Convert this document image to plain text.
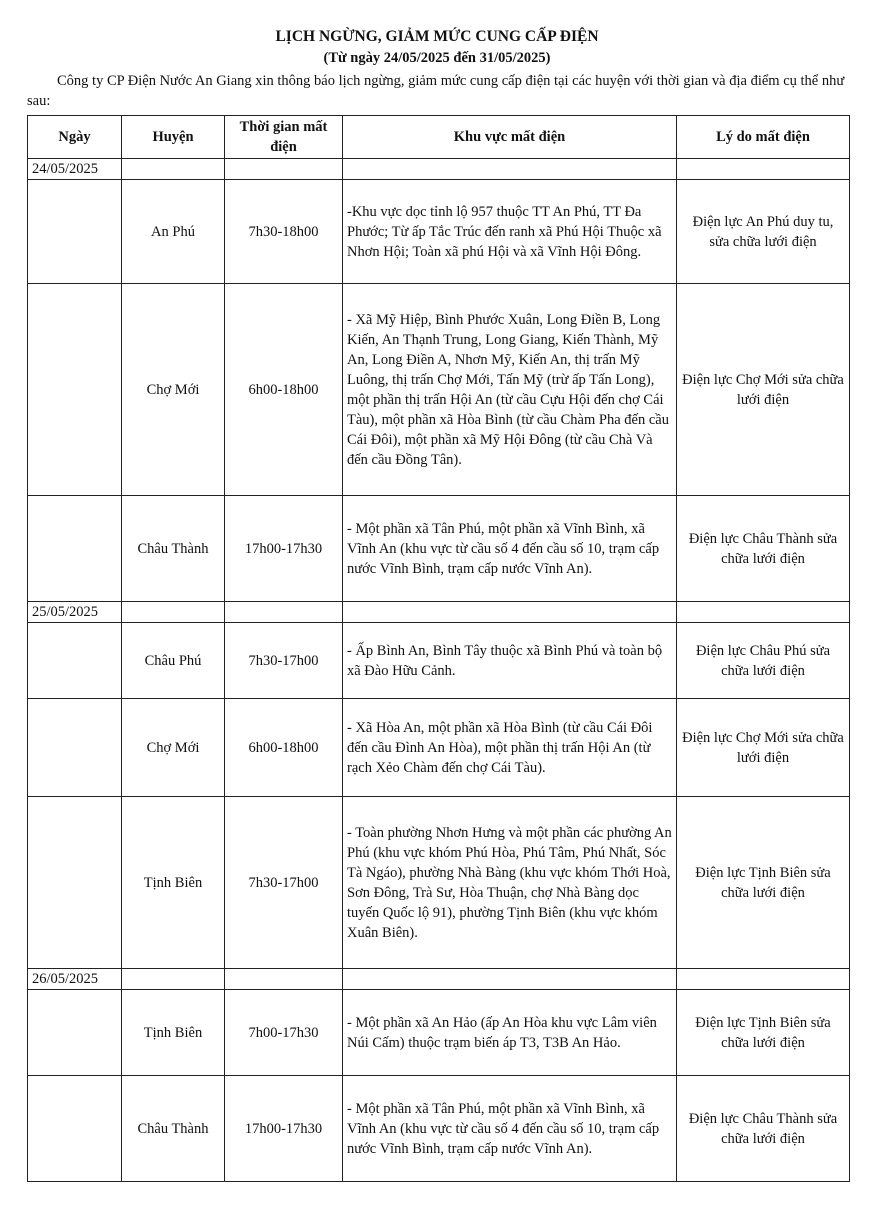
LỊCH NGỪNG, GIẢM MỨC CUNG CẤP ĐIỆN
(Từ ngày 24/05/2025 đến 31/05/2025)

Công ty CP Điện Nước An Giang xin thông báo lịch ngừng, giảm mức cung cấp điện tại các huyện với thời gian và địa điểm cụ thể như sau:

Ngày	Huyện	Thời gian mất điện	Khu vực mất điện	Lý do mất điện
24/05/2025				
	An Phú	7h30-18h00	-Khu vực dọc tỉnh lộ 957 thuộc TT An Phú, TT Đa Phước; Từ ấp Tắc Trúc đến ranh xã Phú Hội Thuộc xã Nhơn Hội; Toàn xã phú Hội và xã Vĩnh Hội Đông.	Điện lực An Phú duy tu, sửa chữa lưới điện
	Chợ Mới	6h00-18h00	- Xã Mỹ Hiệp, Bình Phước Xuân, Long Điền B, Long Kiến, An Thạnh Trung, Long Giang, Kiến Thành, Mỹ An, Long Điền A, Nhơn Mỹ, Kiến An, thị trấn Mỹ Luông, thị trấn Chợ Mới, Tấn Mỹ (trừ ấp Tấn Long), một phần thị trấn Hội An (từ cầu Cựu Hội đến chợ Cái Tàu), một phần xã Hòa Bình (từ cầu Chàm Pha đến cầu Cái Đôi), một phần xã Mỹ Hội Đông (từ cầu Chà Và đến cầu Đồng Tân).	Điện lực Chợ Mới sửa chữa lưới điện
	Châu Thành	17h00-17h30	- Một phần xã Tân Phú, một phần xã Vĩnh Bình, xã Vĩnh An (khu vực từ cầu số 4 đến cầu số 10, trạm cấp nước Vĩnh Bình, trạm cấp nước Vĩnh An).	Điện lực Châu Thành sửa chữa lưới điện
25/05/2025				
	Châu Phú	7h30-17h00	- Ấp Bình An, Bình Tây thuộc xã Bình Phú và toàn bộ xã Đào Hữu Cảnh.	Điện lực Châu Phú sửa chữa lưới điện
	Chợ Mới	6h00-18h00	- Xã Hòa An, một phần xã Hòa Bình (từ cầu Cái Đôi đến cầu Đình An Hòa), một phần thị trấn Hội An (từ rạch Xẻo Chàm đến chợ Cái Tàu).	Điện lực Chợ Mới sửa chữa lưới điện
	Tịnh Biên	7h30-17h00	- Toàn phường Nhơn Hưng và một phần các phường An Phú (khu vực khóm Phú Hòa, Phú Tâm, Phú Nhất, Sóc Tà Ngáo), phường Nhà Bàng (khu vực khóm Thới Hoà, Sơn Đông, Trà Sư, Hòa Thuận, chợ Nhà Bàng dọc tuyến Quốc lộ 91), phường Tịnh Biên (khu vực khóm Xuân Biên).	Điện lực Tịnh Biên sửa chữa lưới điện
26/05/2025				
	Tịnh Biên	7h00-17h30	- Một phần xã An Hảo (ấp An Hòa khu vực Lâm viên Núi Cấm) thuộc trạm biến áp T3, T3B An Hảo.	Điện lực Tịnh Biên sửa chữa lưới điện
	Châu Thành	17h00-17h30	- Một phần xã Tân Phú, một phần xã Vĩnh Bình, xã Vĩnh An (khu vực từ cầu số 4 đến cầu số 10, trạm cấp nước Vĩnh Bình, trạm cấp nước Vĩnh An).	Điện lực Châu Thành sửa chữa lưới điện
